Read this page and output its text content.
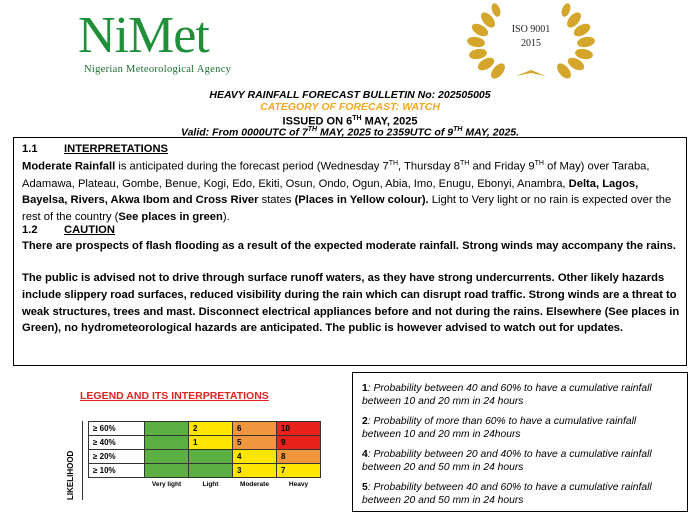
NiMet
Nigerian Meteorological Agency
ISO 9001
2015
HEAVY RAINFALL FORECAST BULLETIN No: 202505005
CATEGORY OF FORECAST: WATCH
ISSUED ON 6TH MAY, 2025
Valid: From 0000UTC of 7TH MAY, 2025 to 2359UTC of 9TH MAY, 2025.
1.1 INTERPRETATIONS
Moderate Rainfall is anticipated during the forecast period (Wednesday 7TH, Thursday 8TH and Friday 9TH of May) over Taraba, Adamawa, Plateau, Gombe, Benue, Kogi, Edo, Ekiti, Osun, Ondo, Ogun, Abia, Imo, Enugu, Ebonyi, Anambra, Delta, Lagos, Bayelsa, Rivers, Akwa Ibom and Cross River states (Places in Yellow colour). Light to Very light or no rain is expected over the rest of the country (See places in green).
1.2 CAUTION
There are prospects of flash flooding as a result of the expected moderate rainfall. Strong winds may accompany the rains.
The public is advised not to drive through surface runoff waters, as they have strong undercurrents. Other likely hazards include slippery road surfaces, reduced visibility during the rain which can disrupt road traffic. Strong winds are a threat to weak structures, trees and mast. Disconnect electrical appliances before and not during the rains. Elsewhere (See places in Green), no hydrometeorological hazards are anticipated. The public is however advised to watch out for updates.
LEGEND AND ITS INTERPRETATIONS
LIKELIHOOD
≥ 60%		2	6	10
≥ 40%		1	5	9
≥ 20%			4	8
≥ 10%			3	7
	Very light	Light	Moderate	Heavy
1: Probability between 40 and 60% to have a cumulative rainfall between 10 and 20 mm in 24 hours
2: Probability of more than 60% to have a cumulative rainfall between 10 and 20 mm in 24hours
4: Probability between 20 and 40% to have a cumulative rainfall between 20 and 50 mm in 24 hours
5: Probability between 40 and 60% to have a cumulative rainfall between 20 and 50 mm in 24 hours
